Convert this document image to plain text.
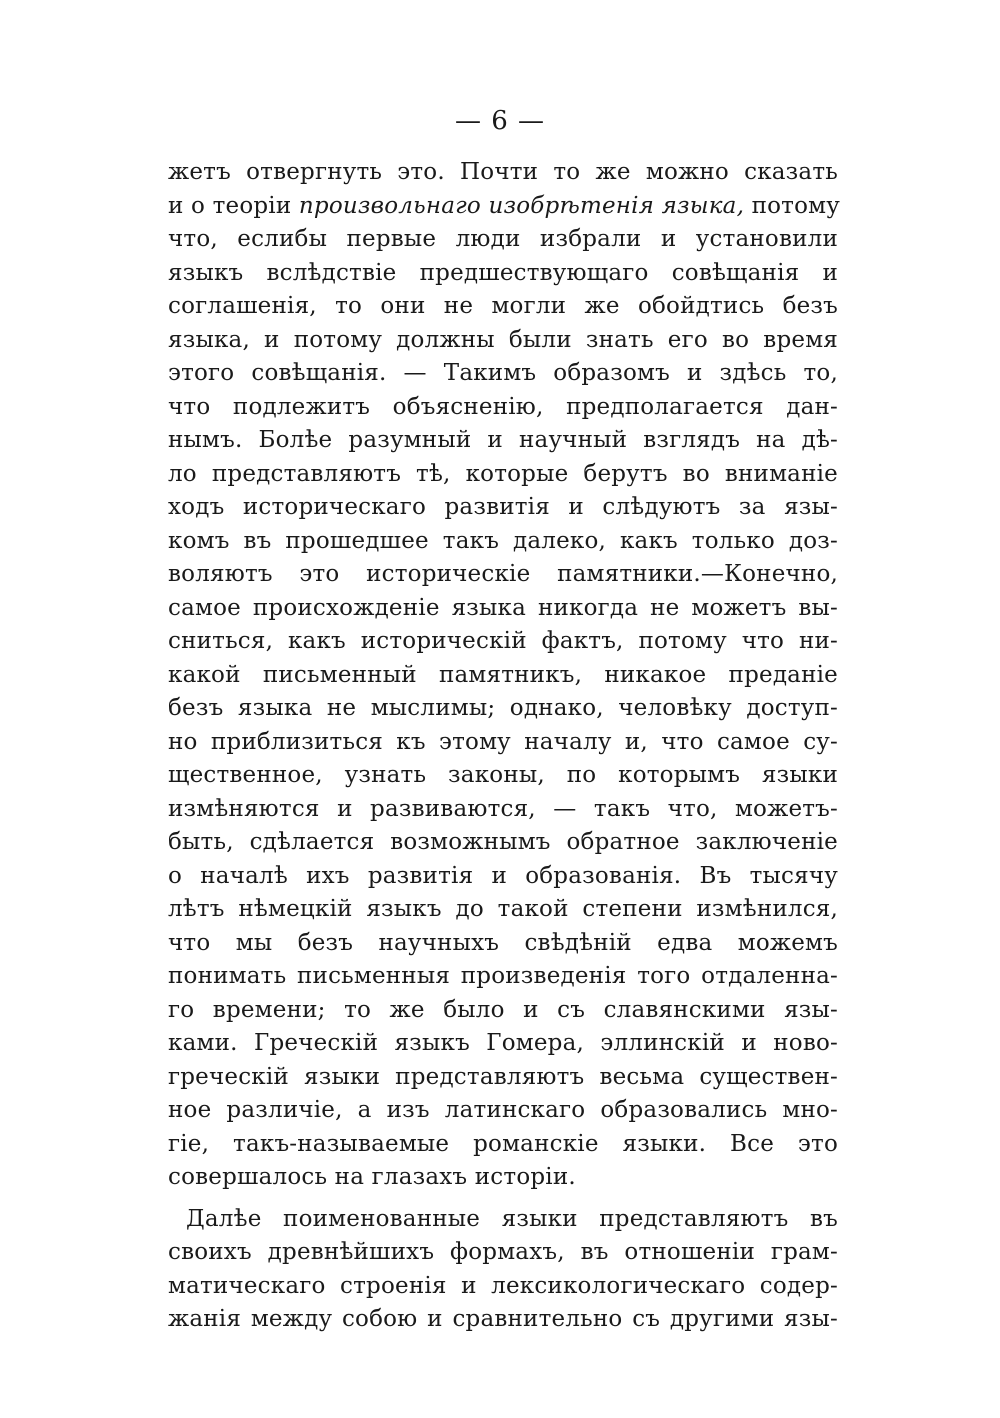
— 6 —
жетъ отвергнуть это. Почти то же можно сказать
и о теоріи произвольнаго изобрѣтенія языка, потому
что, еслибы первые люди избрали и установили
языкъ вслѣдствіе предшествующаго совѣщанія и
соглашенія, то они не могли же обойдтись безъ
языка, и потому должны были знать его во время
этого совѣщанія. — Такимъ образомъ и здѣсь то,
что подлежитъ объясненію, предполагается дан-
нымъ. Болѣе разумный и научный взглядъ на дѣ-
ло представляютъ тѣ, которые берутъ во вниманіе
ходъ историческаго развитія и слѣдуютъ за язы-
комъ въ прошедшее такъ далеко, какъ только доз-
воляютъ это историческіе памятники.—Конечно,
самое происхожденіе языка никогда не можетъ вы-
сниться, какъ историческій фактъ, потому что ни-
какой письменный памятникъ, никакое преданіе
безъ языка не мыслимы; однако, человѣку доступ-
но приблизиться къ этому началу и, что самое су-
щественное, узнать законы, по которымъ языки
измѣняются и развиваются, — такъ что, можетъ-
быть, сдѣлается возможнымъ обратное заключеніе
о началѣ ихъ развитія и образованія. Въ тысячу
лѣтъ нѣмецкій языкъ до такой степени измѣнился,
что мы безъ научныхъ свѣдѣній едва можемъ
понимать письменныя произведенія того отдаленна-
го времени; то же было и съ славянскими язы-
ками. Греческій языкъ Гомера, эллинскій и ново-
греческій языки представляютъ весьма существен-
ное различіе, а изъ латинскаго образовались мно-
гіе, такъ-называемые романскіе языки. Все это
совершалось на глазахъ исторіи.
Далѣе поименованные языки представляютъ въ
своихъ древнѣйшихъ формахъ, въ отношеніи грам-
матическаго строенія и лексикологическаго содер-
жанія между собою и сравнительно съ другими язы-
